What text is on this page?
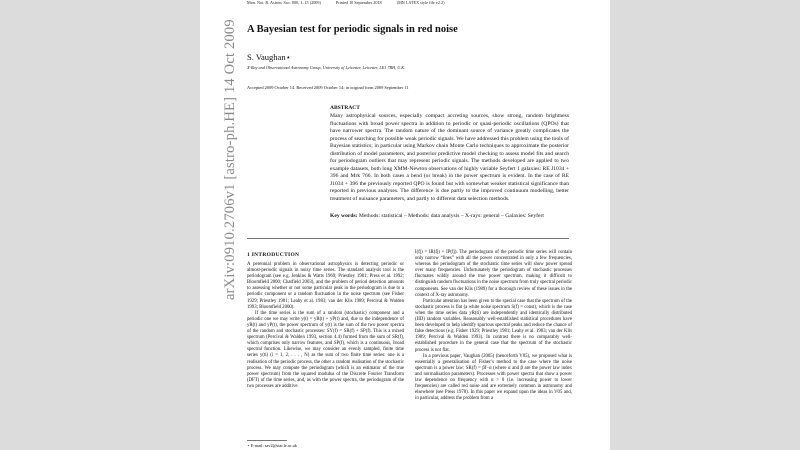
Mon. Not. R. Astron. Soc. 000, 1–15 (2009)	Printed 10 September 2018	(MN LATEX style file v2.2)
A Bayesian test for periodic signals in red noise
S. Vaughan⋆
X-Ray and Observational Astronomy Group, University of Leicester, Leicester, LE1 7RH, U.K.
Accepted 2009 October 14. Received 2009 October 14; in original form 2009 September 11
ABSTRACT
Many astrophysical sources, especially compact accreting sources, show strong, random brightness fluctuations with broad power spectra in addition to periodic or quasi-periodic oscillations (QPOs) that have narrower spectra. The random nature of the dominant source of variance greatly complicates the process of searching for possible weak periodic signals. We have addressed this problem using the tools of Bayesian statistics; in particular using Markov chain Monte Carlo techniques to approximate the posterior distribution of model parameters, and posterior predictive model checking to assess model fits and search for periodogram outliers that may represent periodic signals. The methods developed are applied to two example datasets, both long XMM-Newton observations of highly variable Seyfert 1 galaxies: RE J1034 + 396 and Mrk 766. In both cases a bend (or break) in the power spectrum is evident. In the case of RE J1034 + 396 the previously reported QPO is found but with somewhat weaker statistical significance than reported in previous analyses. The difference is due partly to the improved continuum modelling, better treatment of nuisance parameters, and partly to different data selection methods.
Key words: Methods: statistical – Methods: data analysis – X-rays: general – Galaxies: Seyfert
1 INTRODUCTION

A perennial problem in observational astrophysics is detecting periodic or almost-periodic signals in noisy time series. The standard analysis tool is the periodogram (see e.g. Jenkins & Watts 1969; Priestley 1981; Press et al. 1992; Bloomfield 2000; Chatfield 2003), and the problem of period detection amounts to assessing whether or not some particular peak in the periodogram is due to a periodic component or a random fluctuation in the noise spectrum (see Fisher 1929; Priestley 1981; Leahy et al. 1983; van der Klis 1989; Percival & Walden 1993; Bloomfield 2000).

If the time series is the sum of a random (stochastic) component and a periodic one we may write y(t) = yR(t) + yP(t) and, due to the independence of yR(t) and yP(t), the power spectrum of y(t) is the sum of the two power spectra of the random and stochastic processes: SY(f) = SR(f) + SP(f). This is a mixed spectrum (Percival & Walden 1993, section 4.4) formed from the sum of SR(f), which comprises only narrow features, and SP(f), which is a continuous, broad spectral function. Likewise, we may consider an evenly sampled, finite time series y(ti) (i = 1, 2, . . . , N) as the sum of two finite time series: one is a realisation of the periodic process, the other a random realisation of the stochastic process. We may compute the periodogram (which is an estimator of the true power spectrum) from the squared modulus of the Discrete Fourier Transform (DFT) of the time series, and, as with the power spectra, the periodogram of the two processes are additive.

I(fj) = IR(fj) + IP(fj). The periodogram of the periodic time series will contain only narrow “lines” with all the power concentrated in only a few frequencies, whereas the periodogram of the stochastic time series will show power spread over many frequencies. Unfortunately the periodogram of stochastic processes fluctuates wildly around the true power spectrum, making it difficult to distinguish random fluctuations in the noise spectrum from truly spectral periodic components. See van der Klis (1989) for a thorough review of these issues in the context of X-ray astronomy.

Particular attention has been given to the special case that the spectrum of the stochastic process is flat (a white noise spectrum S(f) = const), which is the case when the time series data yR(ti) are independently and identically distributed (IID) random variables. Reasonably well-established statistical procedures have been developed to help identify spurious spectral peaks and reduce the chance of false detections (e.g. Fisher 1929; Priestley 1981; Leahy et al. 1983; van der Klis 1989; Percival & Walden 1993). In contrast there is no comparably well-established procedure in the general case that the spectrum of the stochastic process is not flat.

In a previous paper, Vaughan (2005) (henceforth V05), we proposed what is essentially a generalisation of Fisher’s method to the case where the noise spectrum is a power law: SR(f) = βf−α (where α and β are the power law index and normalisation parameters). Processes with power spectra that show a power law dependence on frequency with α > 0 (i.e. increasing power to lower frequencies) are called red noise and are extremely common in astronomy and elsewhere (see Press 1978). In this paper we expand upon the ideas in V05 and, in particular, address the problem from a

⋆ E-mail: sav2@star.le.ac.uk
arXiv:0910.2706v1 [astro-ph.HE] 14 Oct 2009
